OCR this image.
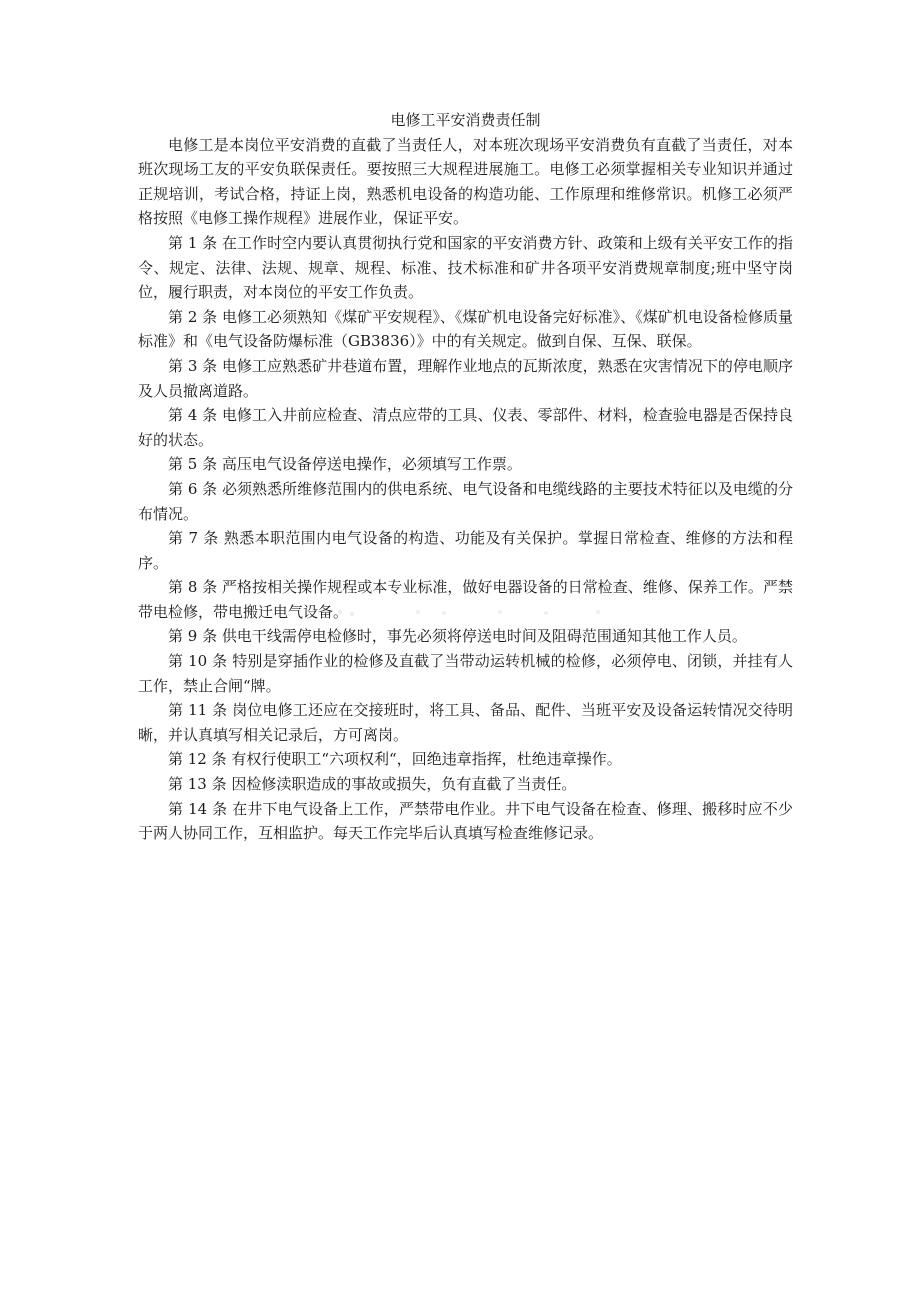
电修工平安消费责任制

电修工是本岗位平安消费的直截了当责任人，对本班次现场平安消费负有直截了当责任，对本班次现场工友的平安负联保责任。要按照三大规程进展施工。电修工必须掌握相关专业知识并通过正规培训，考试合格，持证上岗，熟悉机电设备的构造功能、工作原理和维修常识。机修工必须严格按照《电修工操作规程》进展作业，保证平安。

第 1 条 在工作时空内要认真贯彻执行党和国家的平安消费方针、政策和上级有关平安工作的指令、规定、法律、法规、规章、规程、标准、技术标准和矿井各项平安消费规章制度;班中坚守岗位，履行职责，对本岗位的平安工作负责。

第 2 条 电修工必须熟知《煤矿平安规程》、《煤矿机电设备完好标准》、《煤矿机电设备检修质量标准》和《电气设备防爆标准（GB3836）》中的有关规定。做到自保、互保、联保。

第 3 条 电修工应熟悉矿井巷道布置，理解作业地点的瓦斯浓度，熟悉在灾害情况下的停电顺序及人员撤离道路。

第 4 条 电修工入井前应检查、清点应带的工具、仪表、零部件、材料，检查验电器是否保持良好的状态。

第 5 条 高压电气设备停送电操作，必须填写工作票。

第 6 条 必须熟悉所维修范围内的供电系统、电气设备和电缆线路的主要技术特征以及电缆的分布情况。

第 7 条 熟悉本职范围内电气设备的构造、功能及有关保护。掌握日常检查、维修的方法和程序。

第 8 条 严格按相关操作规程或本专业标准，做好电器设备的日常检查、维修、保养工作。严禁带电检修，带电搬迁电气设备。

第 9 条 供电干线需停电检修时，事先必须将停送电时间及阻碍范围通知其他工作人员。

第 10 条 特别是穿插作业的检修及直截了当带动运转机械的检修，必须停电、闭锁，并挂有人工作，禁止合闸“牌。

第 11 条 岗位电修工还应在交接班时，将工具、备品、配件、当班平安及设备运转情况交待明晰，并认真填写相关记录后，方可离岗。

第 12 条 有权行使职工“六项权利“，回绝违章指挥，杜绝违章操作。

第 13 条 因检修渎职造成的事故或损失，负有直截了当责任。

第 14 条 在井下电气设备上工作，严禁带电作业。井下电气设备在检查、修理、搬移时应不少于两人协同工作，互相监护。每天工作完毕后认真填写检查维修记录。
